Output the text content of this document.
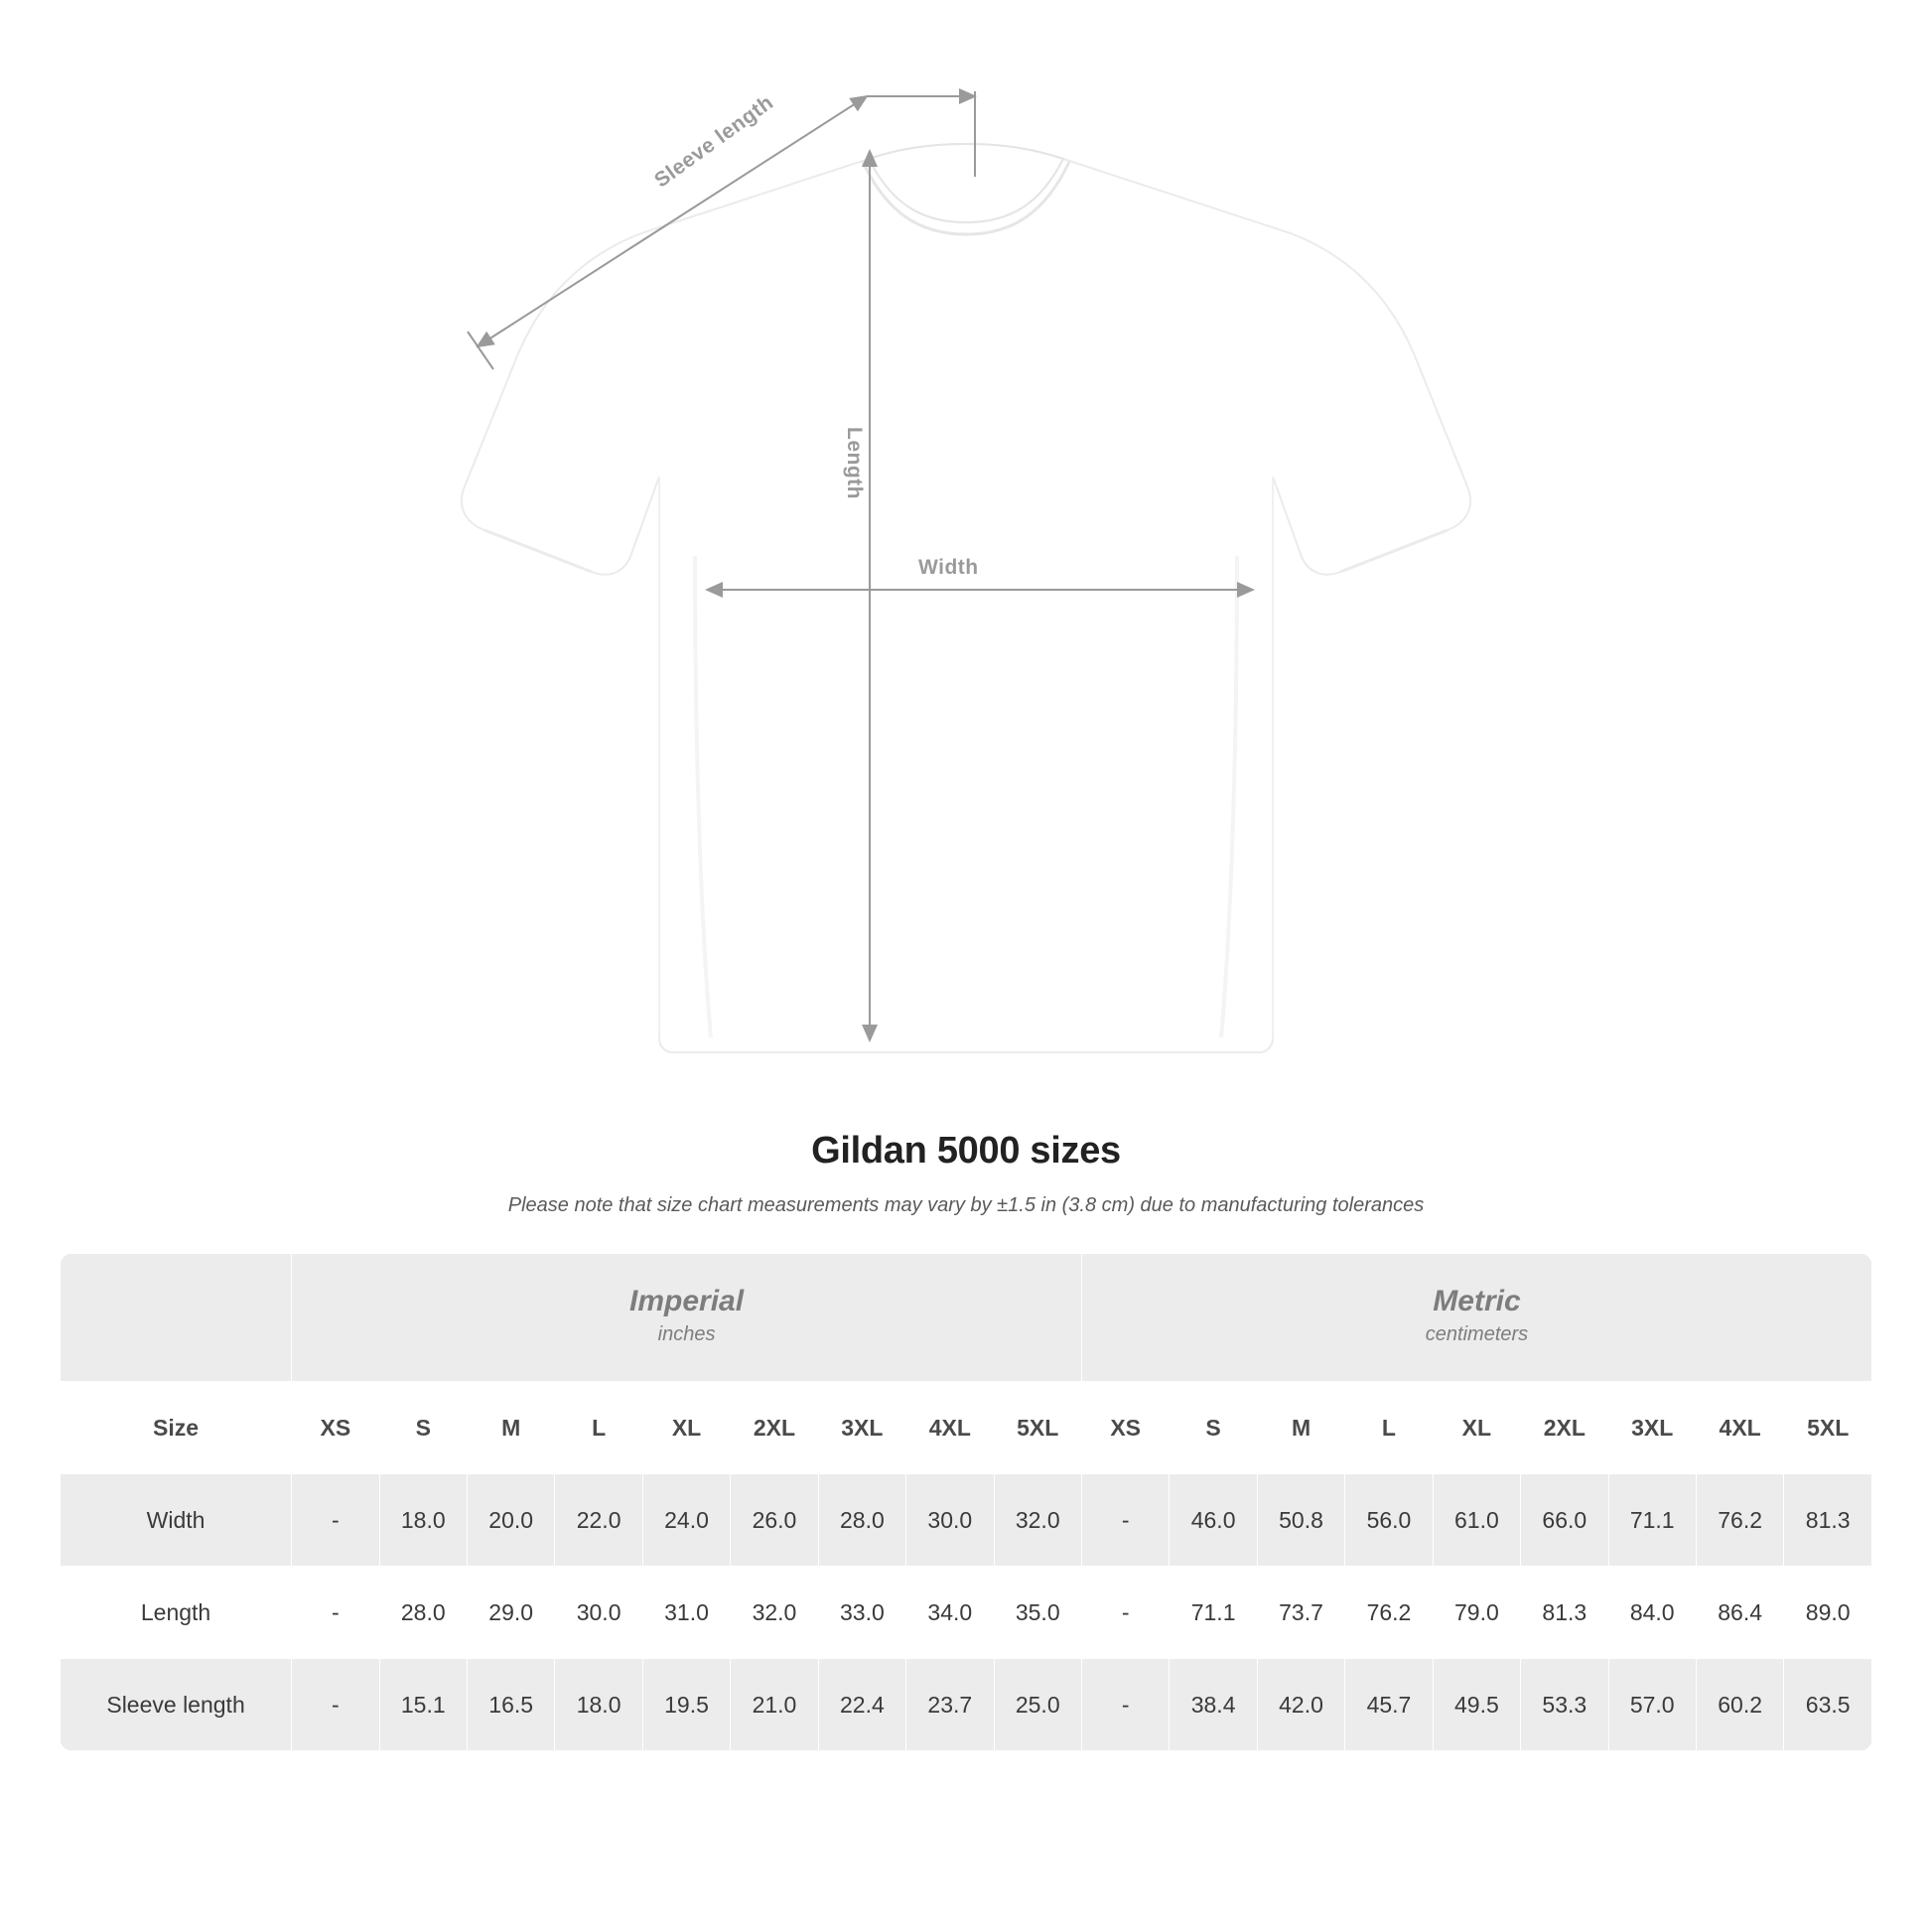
Width
Length
Sleeve length
Gildan 5000 sizes

Please note that size chart measurements may vary by ±1.5 in (3.8 cm) due to manufacturing tolerances

Imperial
inches

Metric
centimeters

Size	XS	S	M	L	XL	2XL	3XL	4XL	5XL	XS	S	M	L	XL	2XL	3XL	4XL	5XL
Width	-	18.0	20.0	22.0	24.0	26.0	28.0	30.0	32.0	-	46.0	50.8	56.0	61.0	66.0	71.1	76.2	81.3
Length	-	28.0	29.0	30.0	31.0	32.0	33.0	34.0	35.0	-	71.1	73.7	76.2	79.0	81.3	84.0	86.4	89.0
Sleeve length	-	15.1	16.5	18.0	19.5	21.0	22.4	23.7	25.0	-	38.4	42.0	45.7	49.5	53.3	57.0	60.2	63.5
